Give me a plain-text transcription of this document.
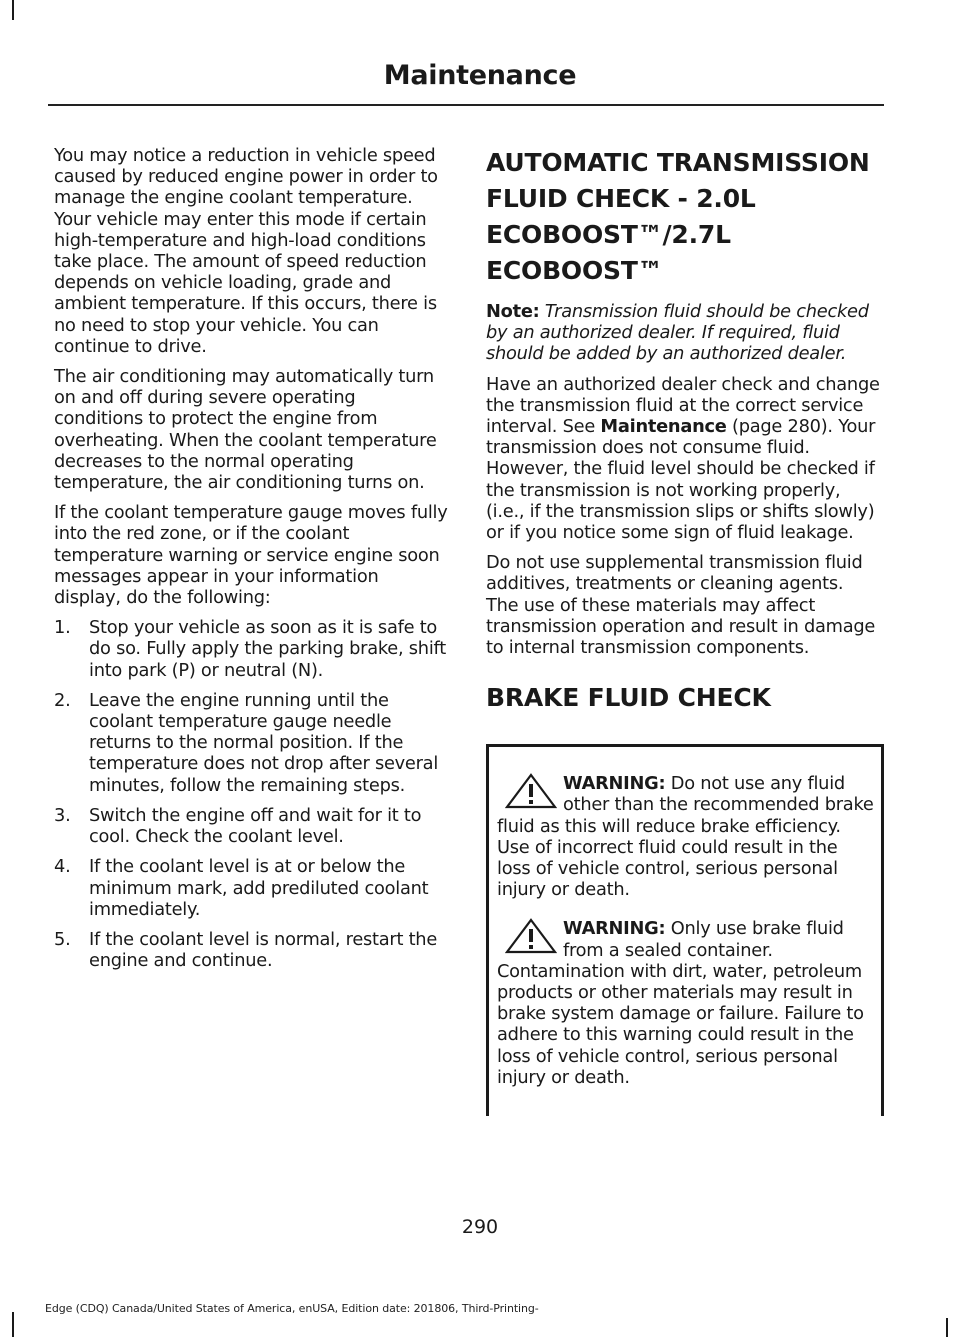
Maintenance

You may notice a reduction in vehicle speed caused by reduced engine power in order to manage the engine coolant temperature. Your vehicle may enter this mode if certain high-temperature and high-load conditions take place. The amount of speed reduction depends on vehicle loading, grade and ambient temperature. If this occurs, there is no need to stop your vehicle. You can continue to drive.

The air conditioning may automatically turn on and off during severe operating conditions to protect the engine from overheating. When the coolant temperature decreases to the normal operating temperature, the air conditioning turns on.

If the coolant temperature gauge moves fully into the red zone, or if the coolant temperature warning or service engine soon messages appear in your information display, do the following:

1. Stop your vehicle as soon as it is safe to do so. Fully apply the parking brake, shift into park (P) or neutral (N).
2. Leave the engine running until the coolant temperature gauge needle returns to the normal position. If the temperature does not drop after several minutes, follow the remaining steps.
3. Switch the engine off and wait for it to cool. Check the coolant level.
4. If the coolant level is at or below the minimum mark, add prediluted coolant immediately.
5. If the coolant level is normal, restart the engine and continue.
AUTOMATIC TRANSMISSION FLUID CHECK - 2.0L ECOBOOST™/2.7L ECOBOOST™

Note: Transmission fluid should be checked by an authorized dealer. If required, fluid should be added by an authorized dealer.

Have an authorized dealer check and change the transmission fluid at the correct service interval. See Maintenance (page 280). Your transmission does not consume fluid. However, the fluid level should be checked if the transmission is not working properly, (i.e., if the transmission slips or shifts slowly) or if you notice some sign of fluid leakage.

Do not use supplemental transmission fluid additives, treatments or cleaning agents. The use of these materials may affect transmission operation and result in damage to internal transmission components.

BRAKE FLUID CHECK

WARNING: Do not use any fluid other than the recommended brake fluid as this will reduce brake efficiency. Use of incorrect fluid could result in the loss of vehicle control, serious personal injury or death.

WARNING: Only use brake fluid from a sealed container. Contamination with dirt, water, petroleum products or other materials may result in brake system damage or failure. Failure to adhere to this warning could result in the loss of vehicle control, serious personal injury or death.

290
Edge (CDQ) Canada/United States of America, enUSA, Edition date: 201806, Third-Printing-
